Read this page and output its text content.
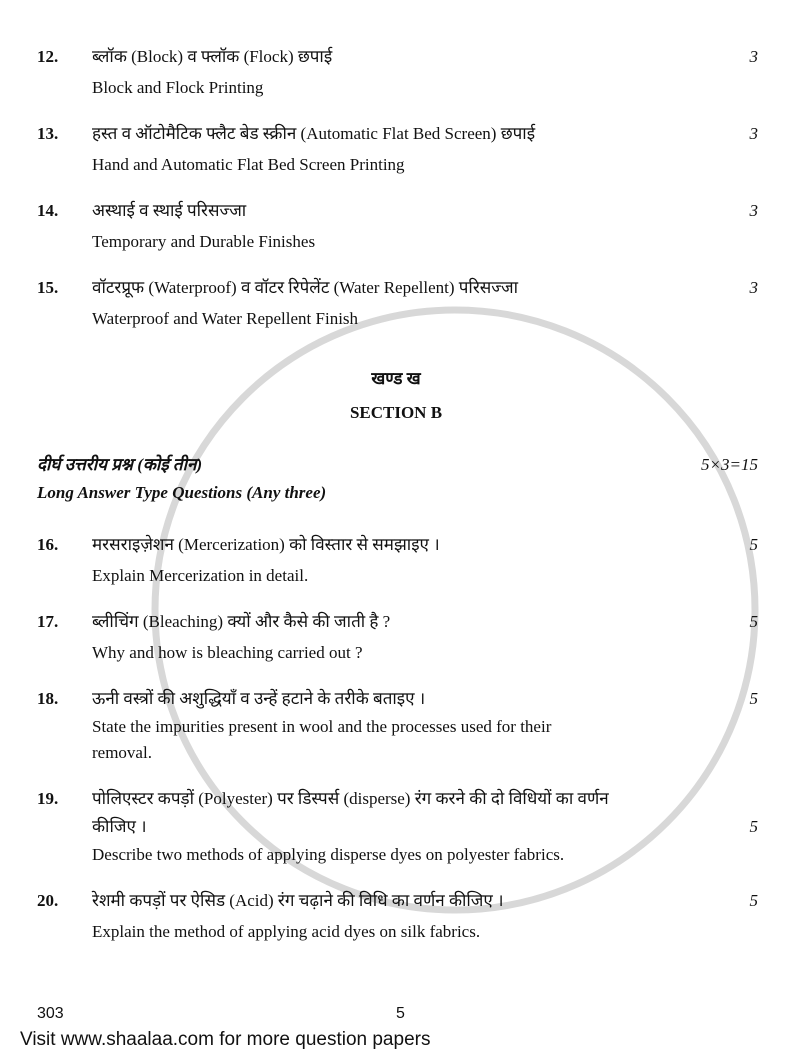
12.	ब्लॉक (Block) व फ्लॉक (Flock) छपाई	3
Block and Flock Printing
13.	हस्त व ऑटोमैटिक फ्लैट बेड स्क्रीन (Automatic Flat Bed Screen) छपाई	3
Hand and Automatic Flat Bed Screen Printing
14.	अस्थाई व स्थाई परिसज्जा	3
Temporary and Durable Finishes
15.	वॉटरप्रूफ (Waterproof) व वॉटर रिपेलेंट (Water Repellent) परिसज्जा	3
Waterproof and Water Repellent Finish
खण्ड ख
SECTION B
दीर्घ उत्तरीय प्रश्न (कोई तीन)	5×3=15
Long Answer Type Questions (Any three)
16.	मरसराइज़ेशन (Mercerization) को विस्तार से समझाइए ।	5
Explain Mercerization in detail.
17.	ब्लीचिंग (Bleaching) क्यों और कैसे की जाती है ?	5
Why and how is bleaching carried out ?
18.	ऊनी वस्त्रों की अशुद्धियाँ व उन्हें हटाने के तरीके बताइए ।	5
State the impurities present in wool and the processes used for their
removal.
19.	पोलिएस्टर कपड़ों (Polyester) पर डिस्पर्स (disperse) रंग करने की दो विधियों का वर्णन
कीजिए ।	5
Describe two methods of applying disperse dyes on polyester fabrics.
20.	रेशमी कपड़ों पर ऐसिड (Acid) रंग चढ़ाने की विधि का वर्णन कीजिए ।	5
Explain the method of applying acid dyes on silk fabrics.
303	5
Visit www.shaalaa.com for more question papers
